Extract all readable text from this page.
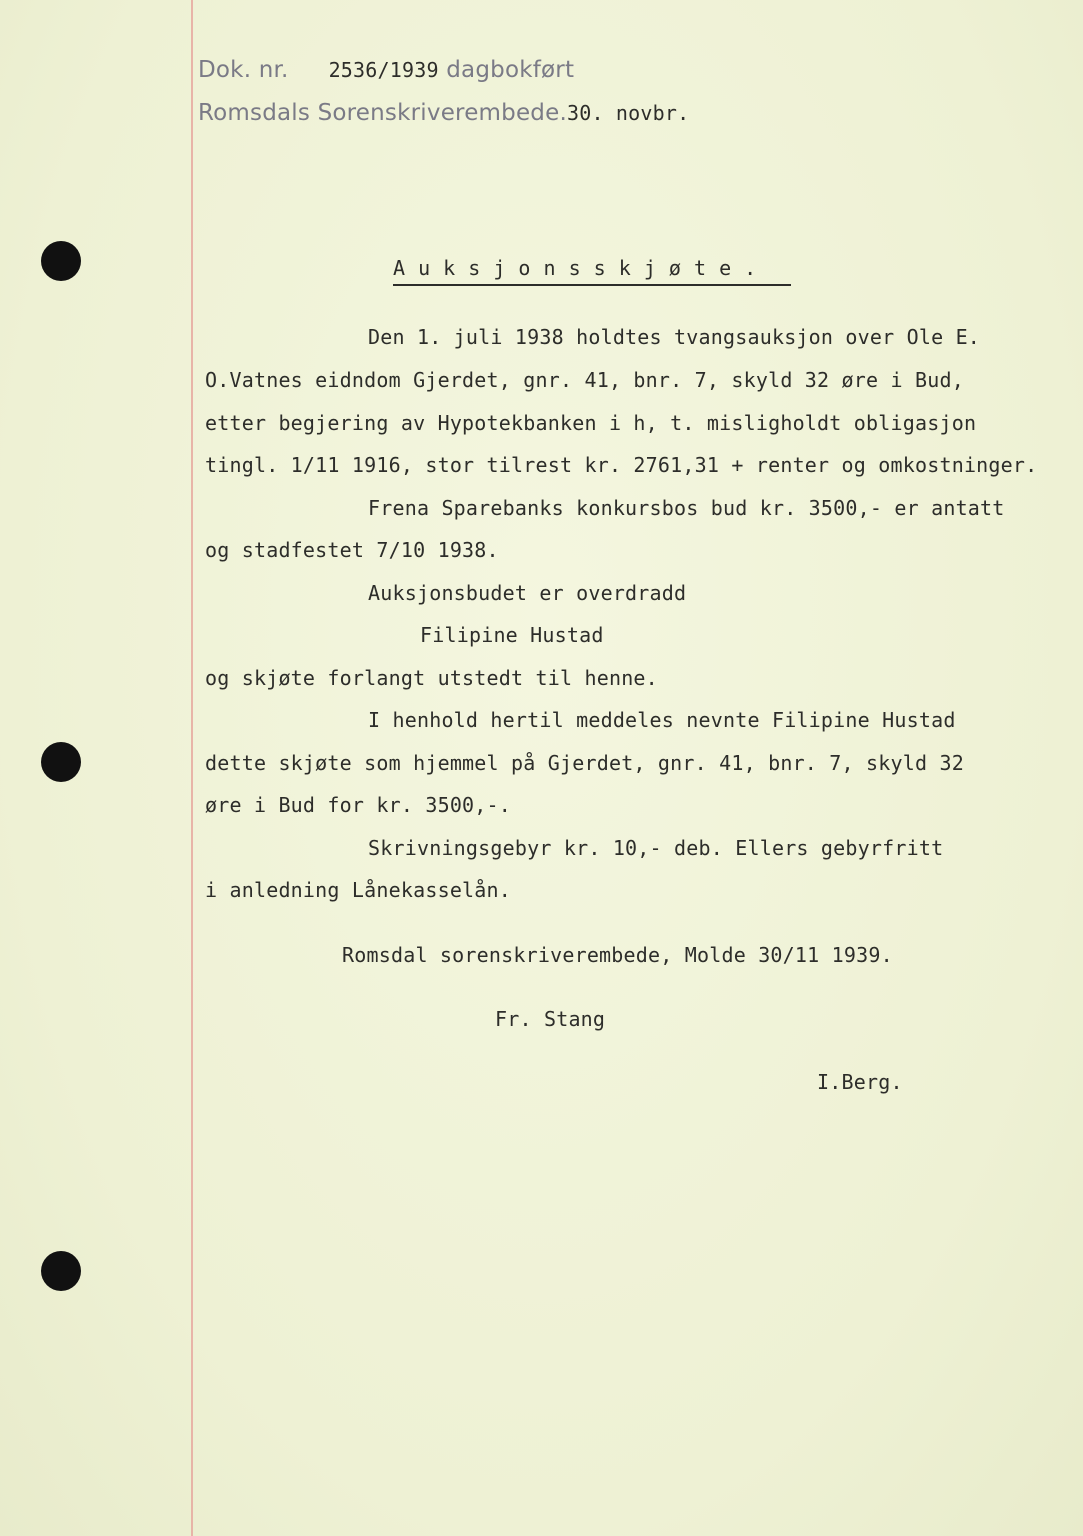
Dok. nr. 2536/1939 dagbokført
Romsdals Sorenskriverembede.30. novbr.
A u k s j o n s s k j ø t e .
Den 1. juli 1938 holdtes tvangsauksjon over Ole E.
O.Vatnes eidndom Gjerdet, gnr. 41, bnr. 7, skyld 32 øre i Bud,
etter begjering av Hypotekbanken i h, t. misligholdt obligasjon
tingl. 1/11 1916, stor tilrest kr. 2761,31 + renter og omkostninger.
Frena Sparebanks konkursbos bud kr. 3500,- er antatt
og stadfestet 7/10 1938.
Auksjonsbudet er overdradd
Filipine Hustad
og skjøte forlangt utstedt til henne.
I henhold hertil meddeles nevnte Filipine Hustad
dette skjøte som hjemmel på Gjerdet, gnr. 41, bnr. 7, skyld 32
øre i Bud for kr. 3500,-.
Skrivningsgebyr kr. 10,- deb. Ellers gebyrfritt
i anledning Lånekasselån.
Romsdal sorenskriverembede, Molde 30/11 1939.
Fr. Stang
I.Berg.
